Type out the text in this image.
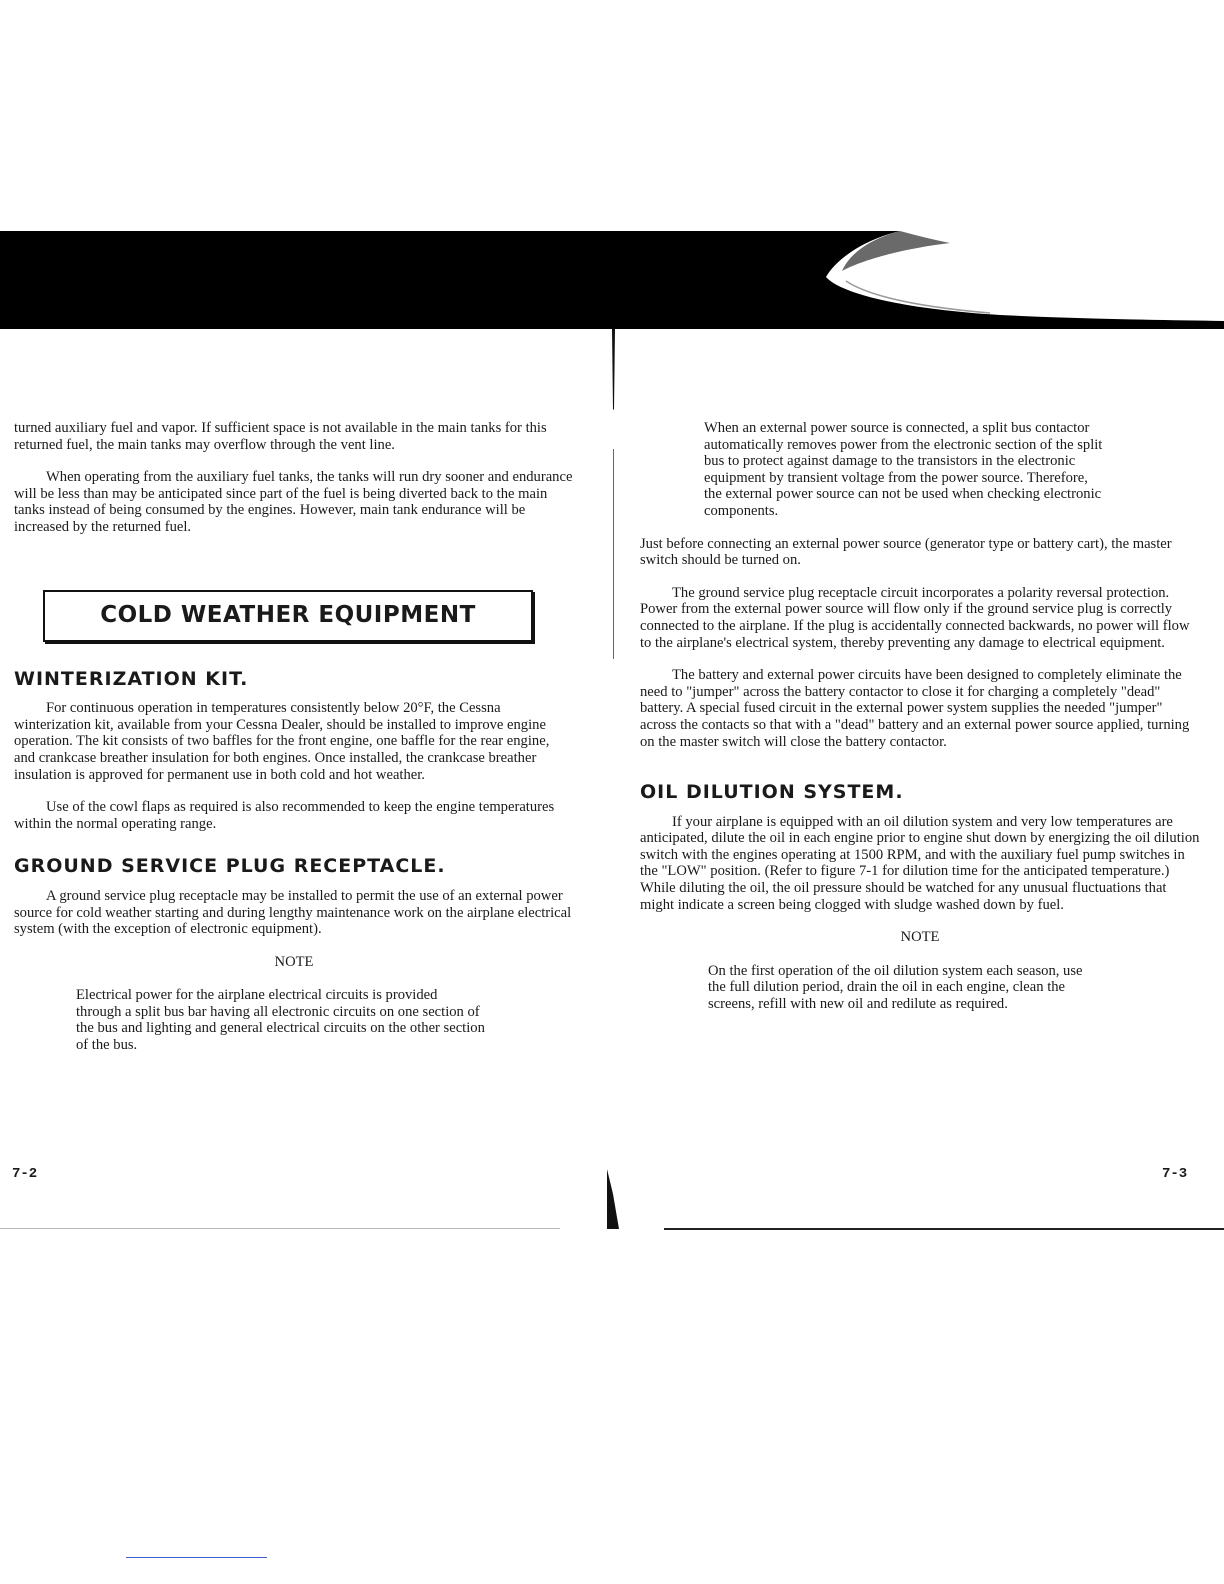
turned auxiliary fuel and vapor. If sufficient space is not available in the main tanks for this returned fuel, the main tanks may overflow through the vent line.

When operating from the auxiliary fuel tanks, the tanks will run dry sooner and endurance will be less than may be anticipated since part of the fuel is being diverted back to the main tanks instead of being consumed by the engines. However, main tank endurance will be increased by the returned fuel.

COLD WEATHER EQUIPMENT
WINTERIZATION KIT.

For continuous operation in temperatures consistently below 20°F, the Cessna winterization kit, available from your Cessna Dealer, should be installed to improve engine operation. The kit consists of two baffles for the front engine, one baffle for the rear engine, and crankcase breather insulation for both engines. Once installed, the crankcase breather insulation is approved for permanent use in both cold and hot weather.

Use of the cowl flaps as required is also recommended to keep the engine temperatures within the normal operating range.

GROUND SERVICE PLUG RECEPTACLE.

A ground service plug receptacle may be installed to permit the use of an external power source for cold weather starting and during lengthy maintenance work on the airplane electrical system (with the exception of electronic equipment).

NOTE

Electrical power for the airplane electrical circuits is provided through a split bus bar having all electronic circuits on one section of the bus and lighting and general electrical circuits on the other section of the bus.

7-2

When an external power source is connected, a split bus contactor automatically removes power from the electronic section of the split bus to protect against damage to the transistors in the electronic equipment by transient voltage from the power source. Therefore, the external power source can not be used when checking electronic components.

Just before connecting an external power source (generator type or battery cart), the master switch should be turned on.

The ground service plug receptacle circuit incorporates a polarity reversal protection. Power from the external power source will flow only if the ground service plug is correctly connected to the airplane. If the plug is accidentally connected backwards, no power will flow to the airplane's electrical system, thereby preventing any damage to electrical equipment.

The battery and external power circuits have been designed to completely eliminate the need to "jumper" across the battery contactor to close it for charging a completely "dead" battery. A special fused circuit in the external power system supplies the needed "jumper" across the contacts so that with a "dead" battery and an external power source applied, turning on the master switch will close the battery contactor.

OIL DILUTION SYSTEM.

If your airplane is equipped with an oil dilution system and very low temperatures are anticipated, dilute the oil in each engine prior to engine shut down by energizing the oil dilution switch with the engines operating at 1500 RPM, and with the auxiliary fuel pump switches in the "LOW" position. (Refer to figure 7-1 for dilution time for the anticipated temperature.) While diluting the oil, the oil pressure should be watched for any unusual fluctuations that might indicate a screen being clogged with sludge washed down by fuel.

NOTE

On the first operation of the oil dilution system each season, use the full dilution period, drain the oil in each engine, clean the screens, refill with new oil and redilute as required.

7-3
